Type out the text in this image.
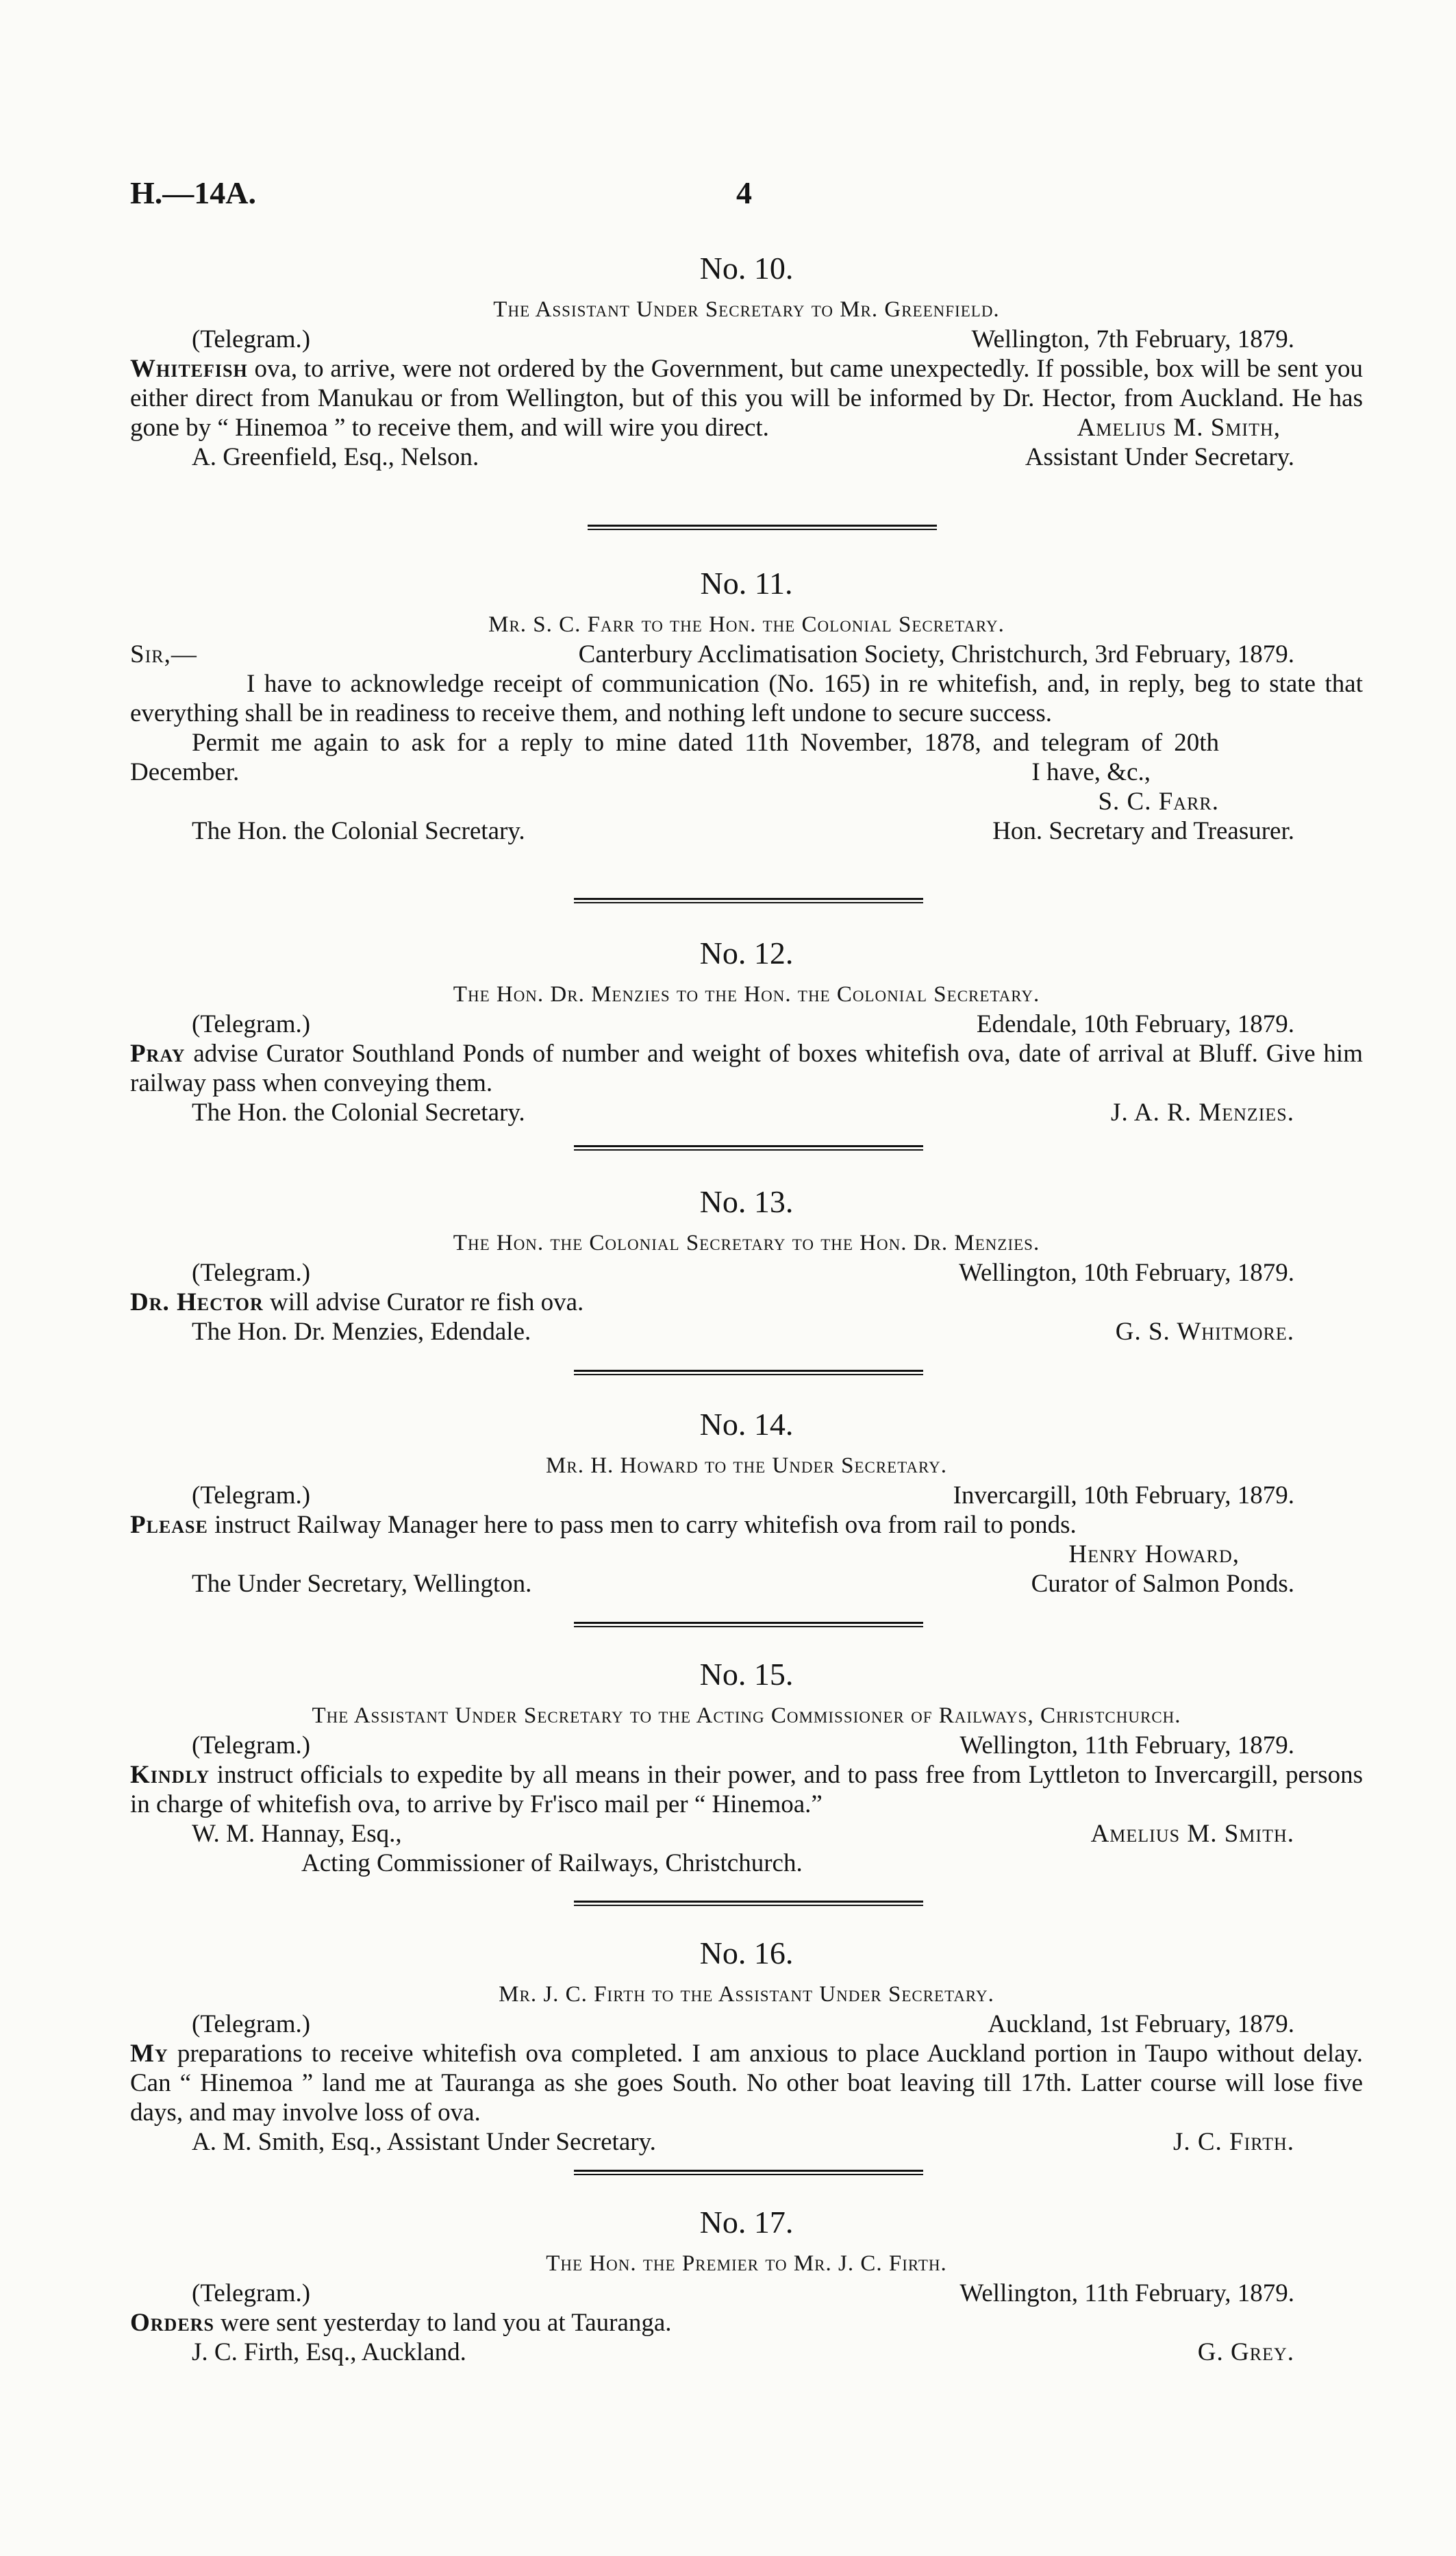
H.—14A.	4
No. 10.
The Assistant Under Secretary to Mr. Greenfield.
(Telegram.)	Wellington, 7th February, 1879.
Whitefish ova, to arrive, were not ordered by the Government, but came unexpectedly. If possible, box will be sent you either direct from Manukau or from Wellington, but of this you will be informed by Dr. Hector, from Auckland. He has gone by “ Hinemoa ” to receive them, and will wire you direct.	Amelius M. Smith,
A. Greenfield, Esq., Nelson.	Assistant Under Secretary.
No. 11.
Mr. S. C. Farr to the Hon. the Colonial Secretary.
Sir,—	Canterbury Acclimatisation Society, Christchurch, 3rd February, 1879.
I have to acknowledge receipt of communication (No. 165) in re whitefish, and, in reply, beg to state that everything shall be in readiness to receive them, and nothing left undone to secure success.
Permit me again to ask for a reply to mine dated 11th November, 1878, and telegram of 20th December.	I have, &c.,
S. C. Farr.
The Hon. the Colonial Secretary.	Hon. Secretary and Treasurer.
No. 12.
The Hon. Dr. Menzies to the Hon. the Colonial Secretary.
(Telegram.)	Edendale, 10th February, 1879.
Pray advise Curator Southland Ponds of number and weight of boxes whitefish ova, date of arrival at Bluff. Give him railway pass when conveying them.
The Hon. the Colonial Secretary.	J. A. R. Menzies.
No. 13.
The Hon. the Colonial Secretary to the Hon. Dr. Menzies.
(Telegram.)	Wellington, 10th February, 1879.
Dr. Hector will advise Curator re fish ova.
The Hon. Dr. Menzies, Edendale.	G. S. Whitmore.
No. 14.
Mr. H. Howard to the Under Secretary.
(Telegram.)	Invercargill, 10th February, 1879.
Please instruct Railway Manager here to pass men to carry whitefish ova from rail to ponds.
Henry Howard,
The Under Secretary, Wellington.	Curator of Salmon Ponds.
No. 15.
The Assistant Under Secretary to the Acting Commissioner of Railways, Christchurch.
(Telegram.)	Wellington, 11th February, 1879.
Kindly instruct officials to expedite by all means in their power, and to pass free from Lyttleton to Invercargill, persons in charge of whitefish ova, to arrive by Fr'isco mail per “ Hinemoa.”
W. M. Hannay, Esq.,	Amelius M. Smith.
Acting Commissioner of Railways, Christchurch.
No. 16.
Mr. J. C. Firth to the Assistant Under Secretary.
(Telegram.)	Auckland, 1st February, 1879.
My preparations to receive whitefish ova completed. I am anxious to place Auckland portion in Taupo without delay. Can “ Hinemoa ” land me at Tauranga as she goes South. No other boat leaving till 17th. Latter course will lose five days, and may involve loss of ova.
A. M. Smith, Esq., Assistant Under Secretary.	J. C. Firth.
No. 17.
The Hon. the Premier to Mr. J. C. Firth.
(Telegram.)	Wellington, 11th February, 1879.
Orders were sent yesterday to land you at Tauranga.
J. C. Firth, Esq., Auckland.	G. Grey.
